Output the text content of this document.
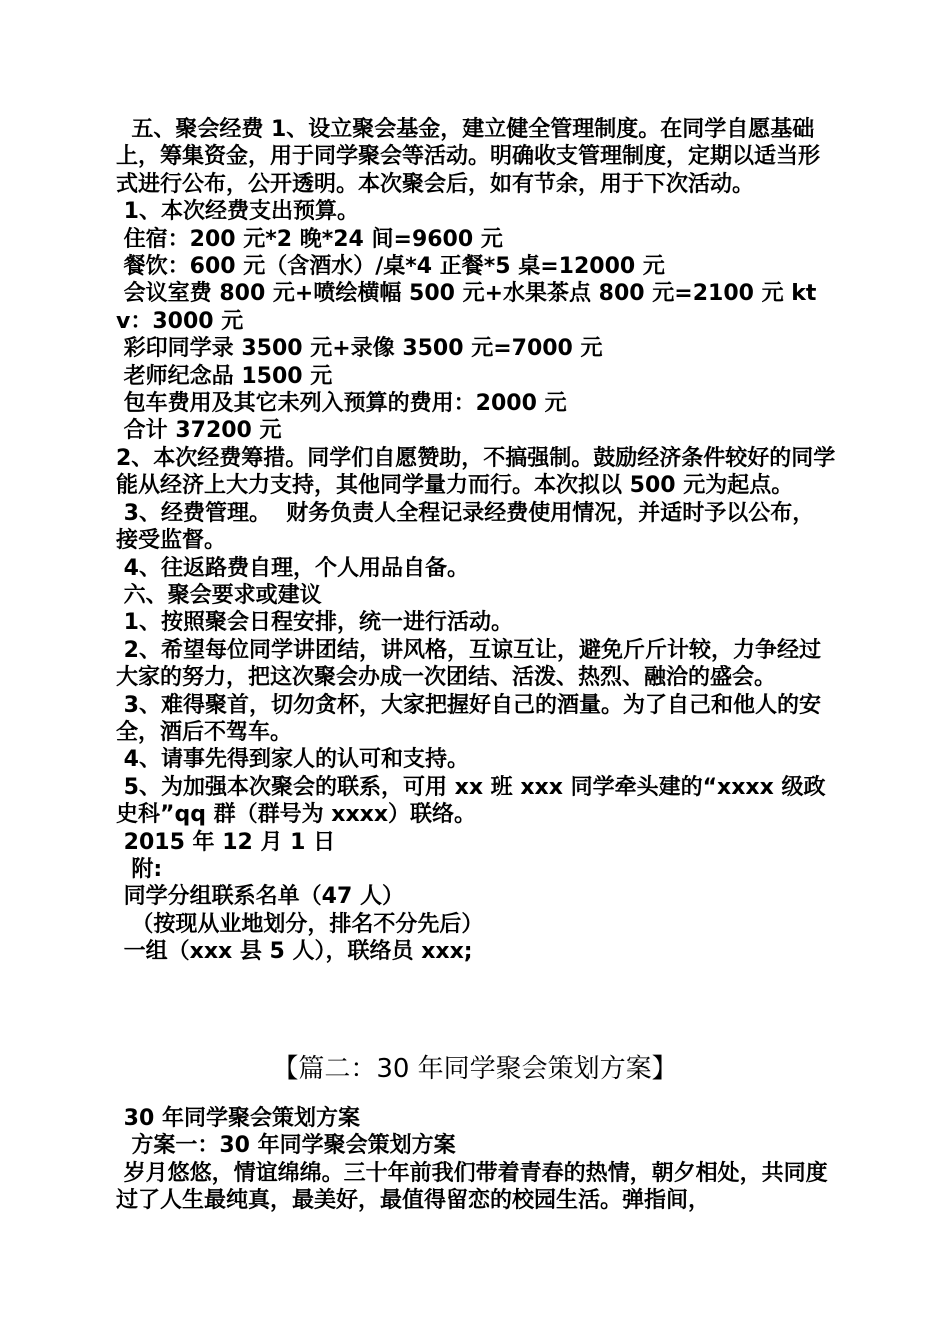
五、聚会经费 1、设立聚会基金，建立健全管理制度。在同学自愿基础上，筹集资金，用于同学聚会等活动。明确收支管理制度，定期以适当形式进行公布，公开透明。本次聚会后，如有节余，用于下次活动。

1、本次经费支出预算。

住宿：200 元*2 晚*24 间=9600 元

餐饮：600 元（含酒水）/桌*4 正餐*5 桌=12000 元

会议室费 800 元+喷绘横幅 500 元+水果茶点 800 元=2100 元 ktv：3000 元

彩印同学录 3500 元+录像 3500 元=7000 元

老师纪念品 1500 元

包车费用及其它未列入预算的费用：2000 元

合计 37200 元

2、本次经费筹措。同学们自愿赞助，不搞强制。鼓励经济条件较好的同学能从经济上大力支持，其他同学量力而行。本次拟以 500 元为起点。

3、经费管理。  财务负责人全程记录经费使用情况，并适时予以公布，接受监督。

4、往返路费自理，个人用品自备。

六、聚会要求或建议

1、按照聚会日程安排，统一进行活动。

2、希望每位同学讲团结，讲风格，互谅互让，避免斤斤计较，力争经过大家的努力，把这次聚会办成一次团结、活泼、热烈、融洽的盛会。

3、难得聚首，切勿贪杯，大家把握好自己的酒量。为了自己和他人的安全，酒后不驾车。

4、请事先得到家人的认可和支持。

5、为加强本次聚会的联系，可用 xx 班 xxx 同学牵头建的“xxxx 级政史科”qq 群（群号为 xxxx）联络。

2015 年 12 月 1 日

附:

同学分组联系名单（47 人）

（按现从业地划分，排名不分先后）

一组（xxx 县 5 人），联络员 xxx;

【篇二：30 年同学聚会策划方案】

30 年同学聚会策划方案

方案一：30 年同学聚会策划方案

岁月悠悠，情谊绵绵。三十年前我们带着青春的热情，朝夕相处，共同度过了人生最纯真，最美好，最值得留恋的校园生活。弹指间，
